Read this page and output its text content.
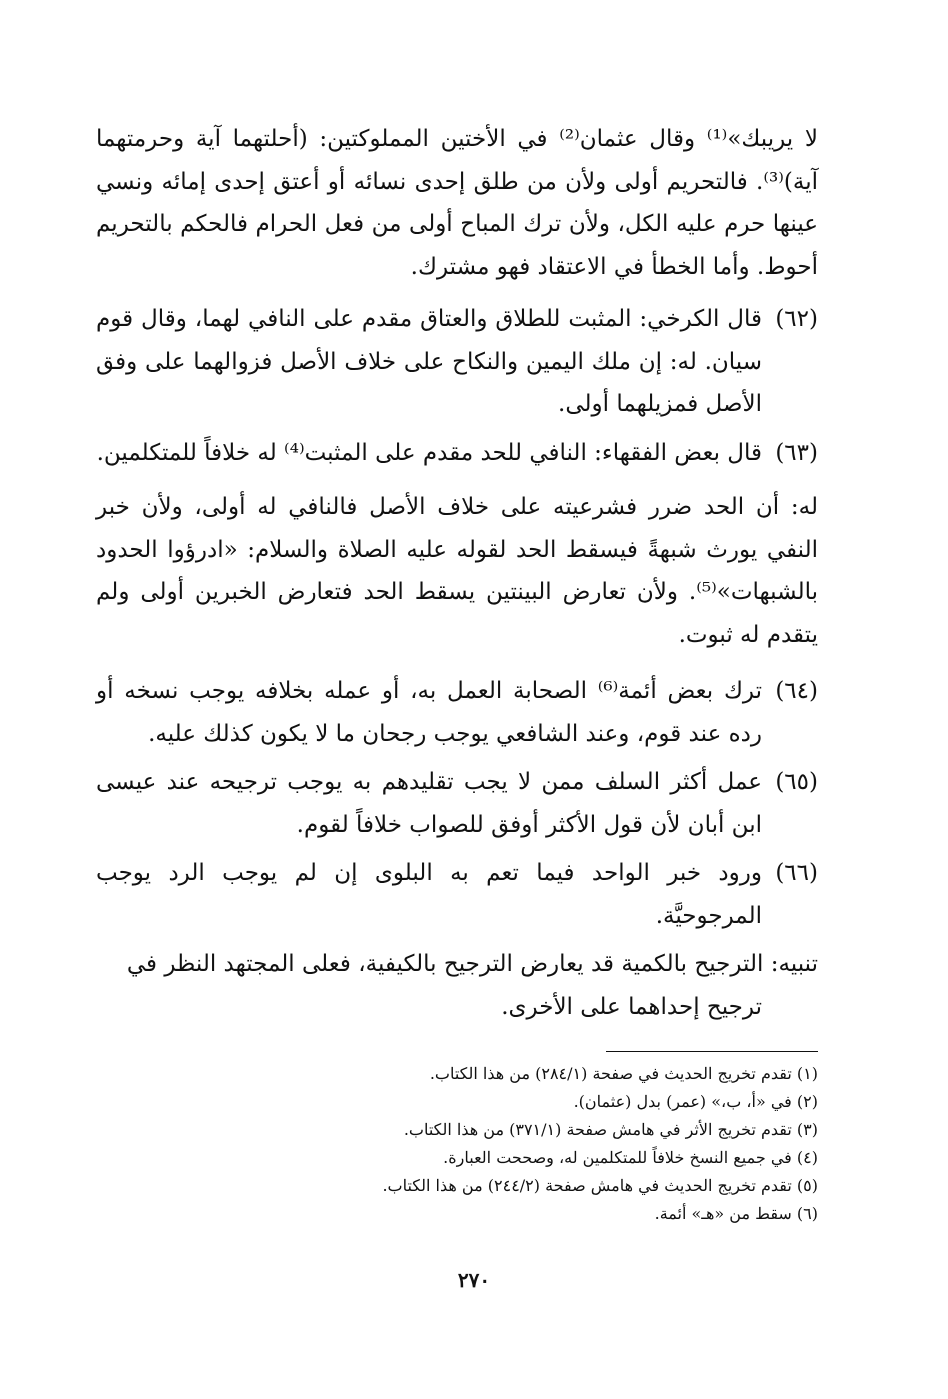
لا يريبك»⁽¹⁾ وقال عثمان⁽²⁾ في الأختين المملوكتين: (أحلتهما آية وحرمتهما آية)⁽³⁾. فالتحريم أولى ولأن من طلق إحدى نسائه أو أعتق إحدى إمائه ونسي عينها حرم عليه الكل، ولأن ترك المباح أولى من فعل الحرام فالحكم بالتحريم أحوط. وأما الخطأ في الاعتقاد فهو مشترك.

(٦٢)
قال الكرخي: المثبت للطلاق والعتاق مقدم على النافي لهما، وقال قوم سيان. له: إن ملك اليمين والنكاح على خلاف الأصل فزوالهما على وفق الأصل فمزيلهما أولى.
(٦٣)
قال بعض الفقهاء: النافي للحد مقدم على المثبت⁽⁴⁾ له خلافاً للمتكلمين.

له: أن الحد ضرر فشرعيته على خلاف الأصل فالنافي له أولى، ولأن خبر النفي يورث شبهةً فيسقط الحد لقوله عليه الصلاة والسلام: «ادرؤوا الحدود بالشبهات»⁽⁵⁾. ولأن تعارض البينتين يسقط الحد فتعارض الخبرين أولى ولم يتقدم له ثبوت.

(٦٤)
ترك بعض أئمة⁽⁶⁾ الصحابة العمل به، أو عمله بخلافه يوجب نسخه أو رده عند قوم، وعند الشافعي يوجب رجحان ما لا يكون كذلك عليه.
(٦٥)
عمل أكثر السلف ممن لا يجب تقليدهم به يوجب ترجيحه عند عيسى ابن أبان لأن قول الأكثر أوفق للصواب خلافاً لقوم.
(٦٦)
ورود خبر الواحد فيما تعم به البلوى إن لم يوجب الرد يوجب المرجوحيَّة.

تنبيه: الترجيح بالكمية قد يعارض الترجيح بالكيفية، فعلى المجتهد النظر في ترجيح إحداهما على الأخرى.

(١) تقدم تخريج الحديث في صفحة (٢٨٤/١) من هذا الكتاب.

(٢) في «أ، ب،» (عمر) بدل (عثمان).

(٣) تقدم تخريج الأثر في هامش صفحة (٣٧١/١) من هذا الكتاب.

(٤) في جميع النسخ خلافاً للمتكلمين له، وصححت العبارة.

(٥) تقدم تخريج الحديث في هامش صفحة (٢٤٤/٢) من هذا الكتاب.

(٦) سقط من «هـ» أئمة.

٢٧٠
